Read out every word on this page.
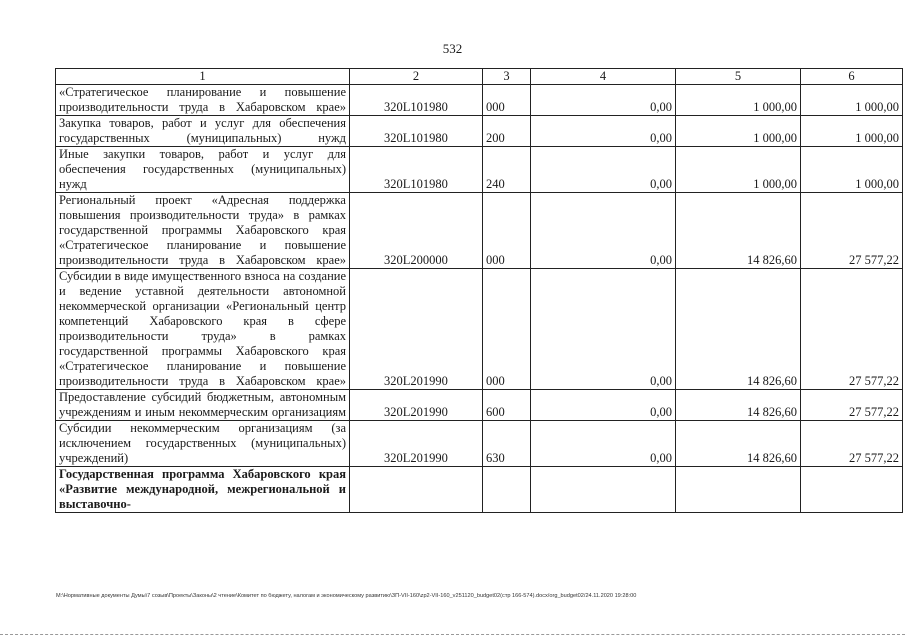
532
1	2	3	4	5	6
«Стратегическое планирование и повышение производительности труда в Хабаровском крае»	320L101980	000	0,00	1 000,00	1 000,00
Закупка товаров, работ и услуг для обеспечения государственных (муниципальных) нужд	320L101980	200	0,00	1 000,00	1 000,00
Иные закупки товаров, работ и услуг для обеспечения государственных (муниципальных) нужд	320L101980	240	0,00	1 000,00	1 000,00
Региональный проект «Адресная поддержка повышения производительности труда» в рамках государственной программы Хабаровского края «Стратегическое планирование и повышение производительности труда в Хабаровском крае»	320L200000	000	0,00	14 826,60	27 577,22
Субсидии в виде имущественного взноса на создание и ведение уставной деятельности автономной некоммерческой организации «Региональный центр компетенций Хабаровского края в сфере производительности труда» в рамках государственной программы Хабаровского края «Стратегическое планирование и повышение производительности труда в Хабаровском крае»	320L201990	000	0,00	14 826,60	27 577,22
Предоставление субсидий бюджетным, автономным учреждениям и иным некоммерческим организациям	320L201990	600	0,00	14 826,60	27 577,22
Субсидии некоммерческим организациям (за исключением государственных (муниципальных) учреждений)	320L201990	630	0,00	14 826,60	27 577,22
Государственная программа Хабаровского края «Развитие международной, межрегиональной и выставочно-					
M:\Нормативные документы Думы\7 созыв\Проекты\Законы\2 чтение\Комитет по бюджету, налогам и экономическому развитию\ЗП-VII-160\zp2-VII-160_v251120_budget02(стр 166-574).docx/org_budget02/24.11.2020 19:28:00
